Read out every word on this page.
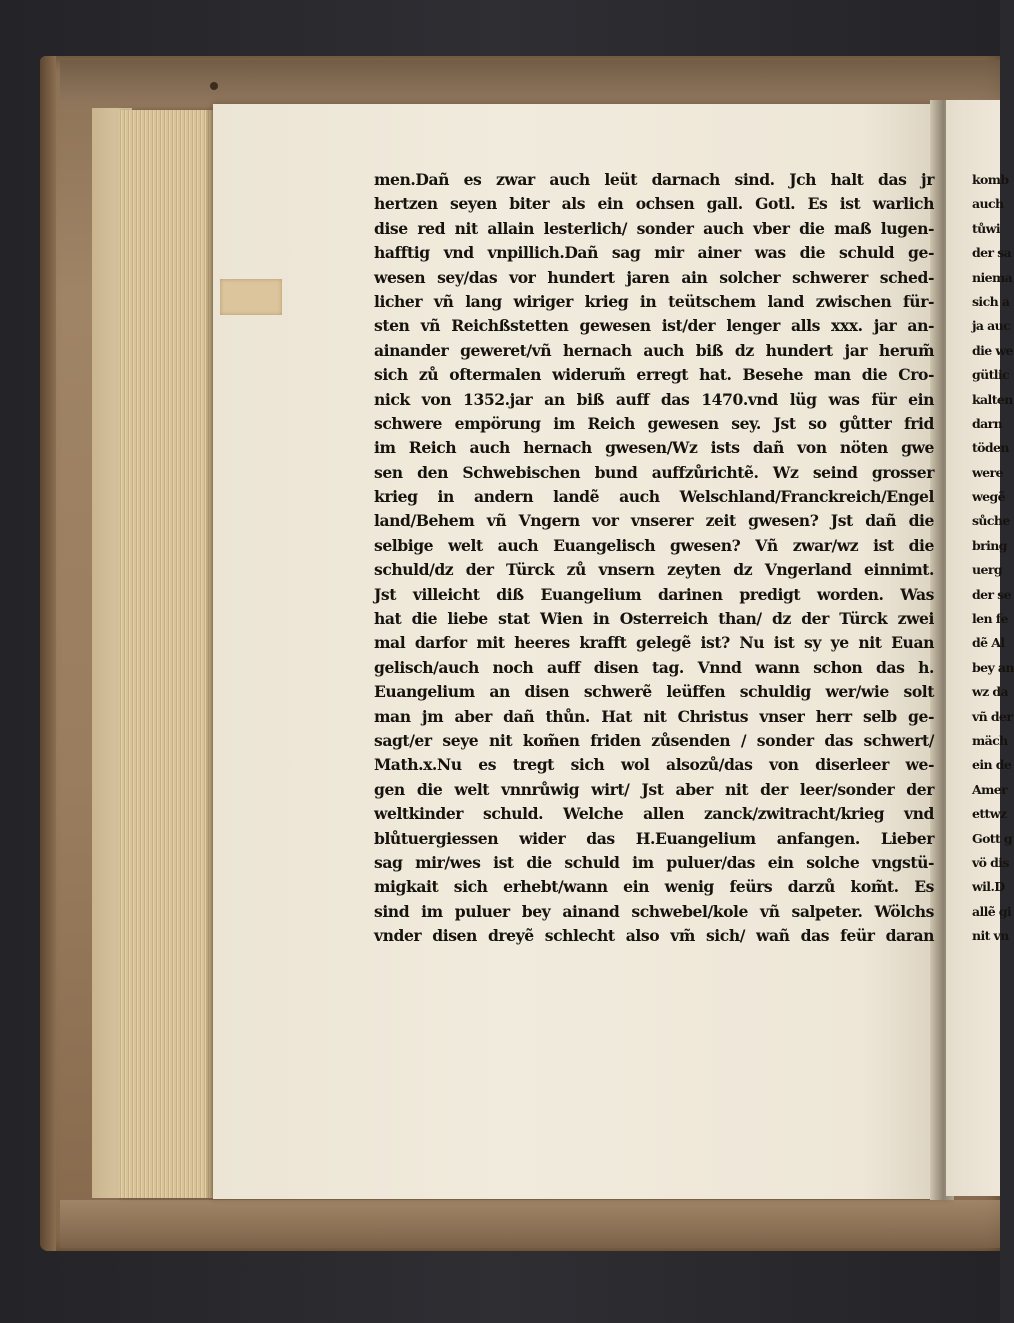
men.Dañ es zwar auch leüt darnach sind. Jch halt das jr
hertzen seyen biter als ein ochsen gall. Gotl. Es ist warlich
dise red nit allain lesterlich/ sonder auch vber die maß lugen-
hafftig vnd vnpillich.Dañ sag mir ainer was die schuld ge-
wesen sey/das vor hundert jaren ain solcher schwerer sched-
licher vñ lang wiriger krieg in teütschem land zwischen für-
sten vñ Reichßstetten gewesen ist/der lenger alls xxx. jar an-
ainander geweret/vñ hernach auch biß dz hundert jar herum̃
sich zů oftermalen widerum̃ erregt hat. Besehe man die Cro-
nick von 1352.jar an biß auff das 1470.vnd lüg was für ein
schwere empörung im Reich gewesen sey. Jst so gůtter frid
im Reich auch hernach gwesen/Wz ists dañ von nöten gwe
sen den Schwebischen bund auffzůrichtẽ. Wz seind grosser
krieg in andern landẽ auch Welschland/Franckreich/Engel
land/Behem vñ Vngern vor vnserer zeit gwesen? Jst dañ die
selbige welt auch Euangelisch gwesen? Vñ zwar/wz ist die
schuld/dz der Türck zů vnsern zeyten dz Vngerland einnimt.
Jst villeicht diß Euangelium darinen predigt worden. Was
hat die liebe stat Wien in Osterreich than/ dz der Türck zwei
mal darfor mit heeres krafft gelegẽ ist? Nu ist sy ye nit Euan
gelisch/auch noch auff disen tag. Vnnd wann schon das h.
Euangelium an disen schwerẽ leüffen schuldig wer/wie solt
man jm aber dañ thůn. Hat nit Christus vnser herr selb ge-
sagt/er seye nit kom̃en friden zůsenden / sonder das schwert/
Math.x.Nu es tregt sich wol alsozů/das von diserleer we-
gen die welt vnnrůwig wirt/ Jst aber nit der leer/sonder der
weltkinder schuld. Welche allen zanck/zwitracht/krieg vnd
blůtuergiessen wider das H.Euangelium anfangen. Lieber
sag mir/wes ist die schuld im puluer/das ein solche vngstü-
migkait sich erhebt/wann ein wenig feürs darzů kom̃t. Es
sind im puluer bey ainand schwebel/kole vñ salpeter. Wölchs
vnder disen dreyẽ schlecht also vm̃ sich/ wañ das feür daran
komb
auch
tůwi
der sa
niema
sich a
ja auc
die we
gütlic
kalten
darn
töden
were
wegẽ
sůche
bring
uerg
der se
len fe
dẽ Al
bey an
wz da
vñ der
mäch
ein de
Amer
ettwz
Gott g
vö dis
wil.D
allẽ gi
nit vn
